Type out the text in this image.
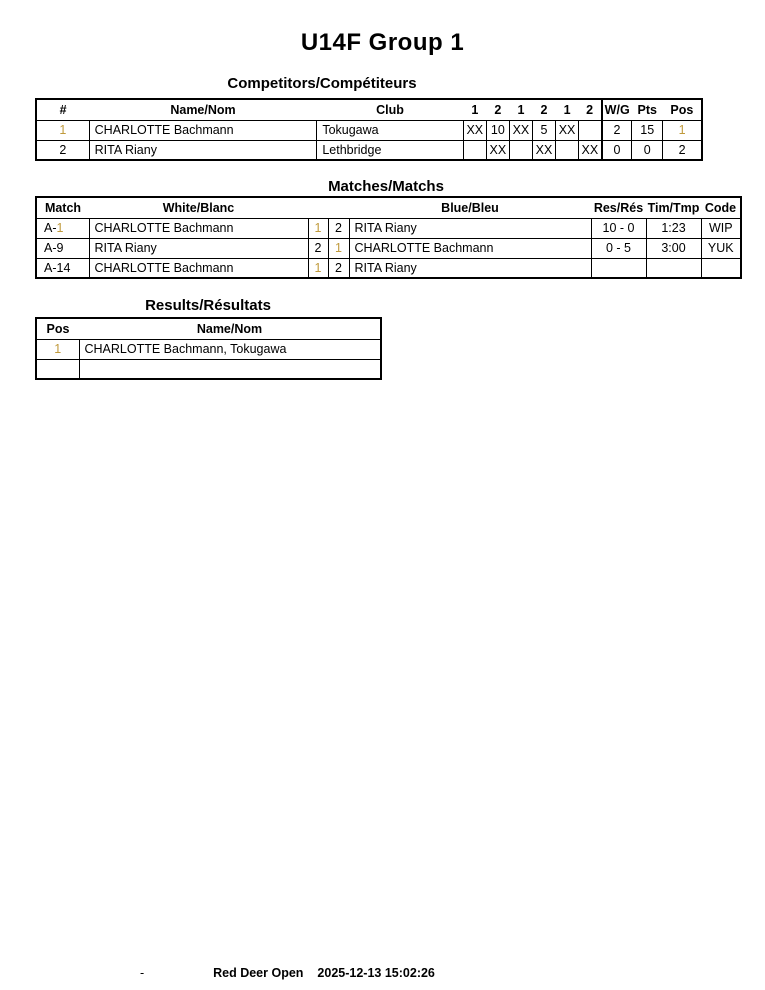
U14F Group 1
Competitors/Compétiteurs
#	Name/Nom	Club	1	2	1	2	1	2	W/G	Pts	Pos
1	CHARLOTTE Bachmann	Tokugawa	XX	10	XX	5	XX		2	15	1
2	RITA Riany	Lethbridge		XX		XX		XX	0	0	2
Matches/Matchs
Match	White/Blanc			Blue/Bleu	Res/Rés	Tim/Tmp	Code
A-1	CHARLOTTE Bachmann	1	2	RITA Riany	10 - 0	1:23	WIP
A-9	RITA Riany	2	1	CHARLOTTE Bachmann	0 - 5	3:00	YUK
A-14	CHARLOTTE Bachmann	1	2	RITA Riany			
Results/Résultats
Pos	Name/Nom
1	CHARLOTTE Bachmann, Tokugawa

-	Red Deer Open 2025-12-13 15:02:26
